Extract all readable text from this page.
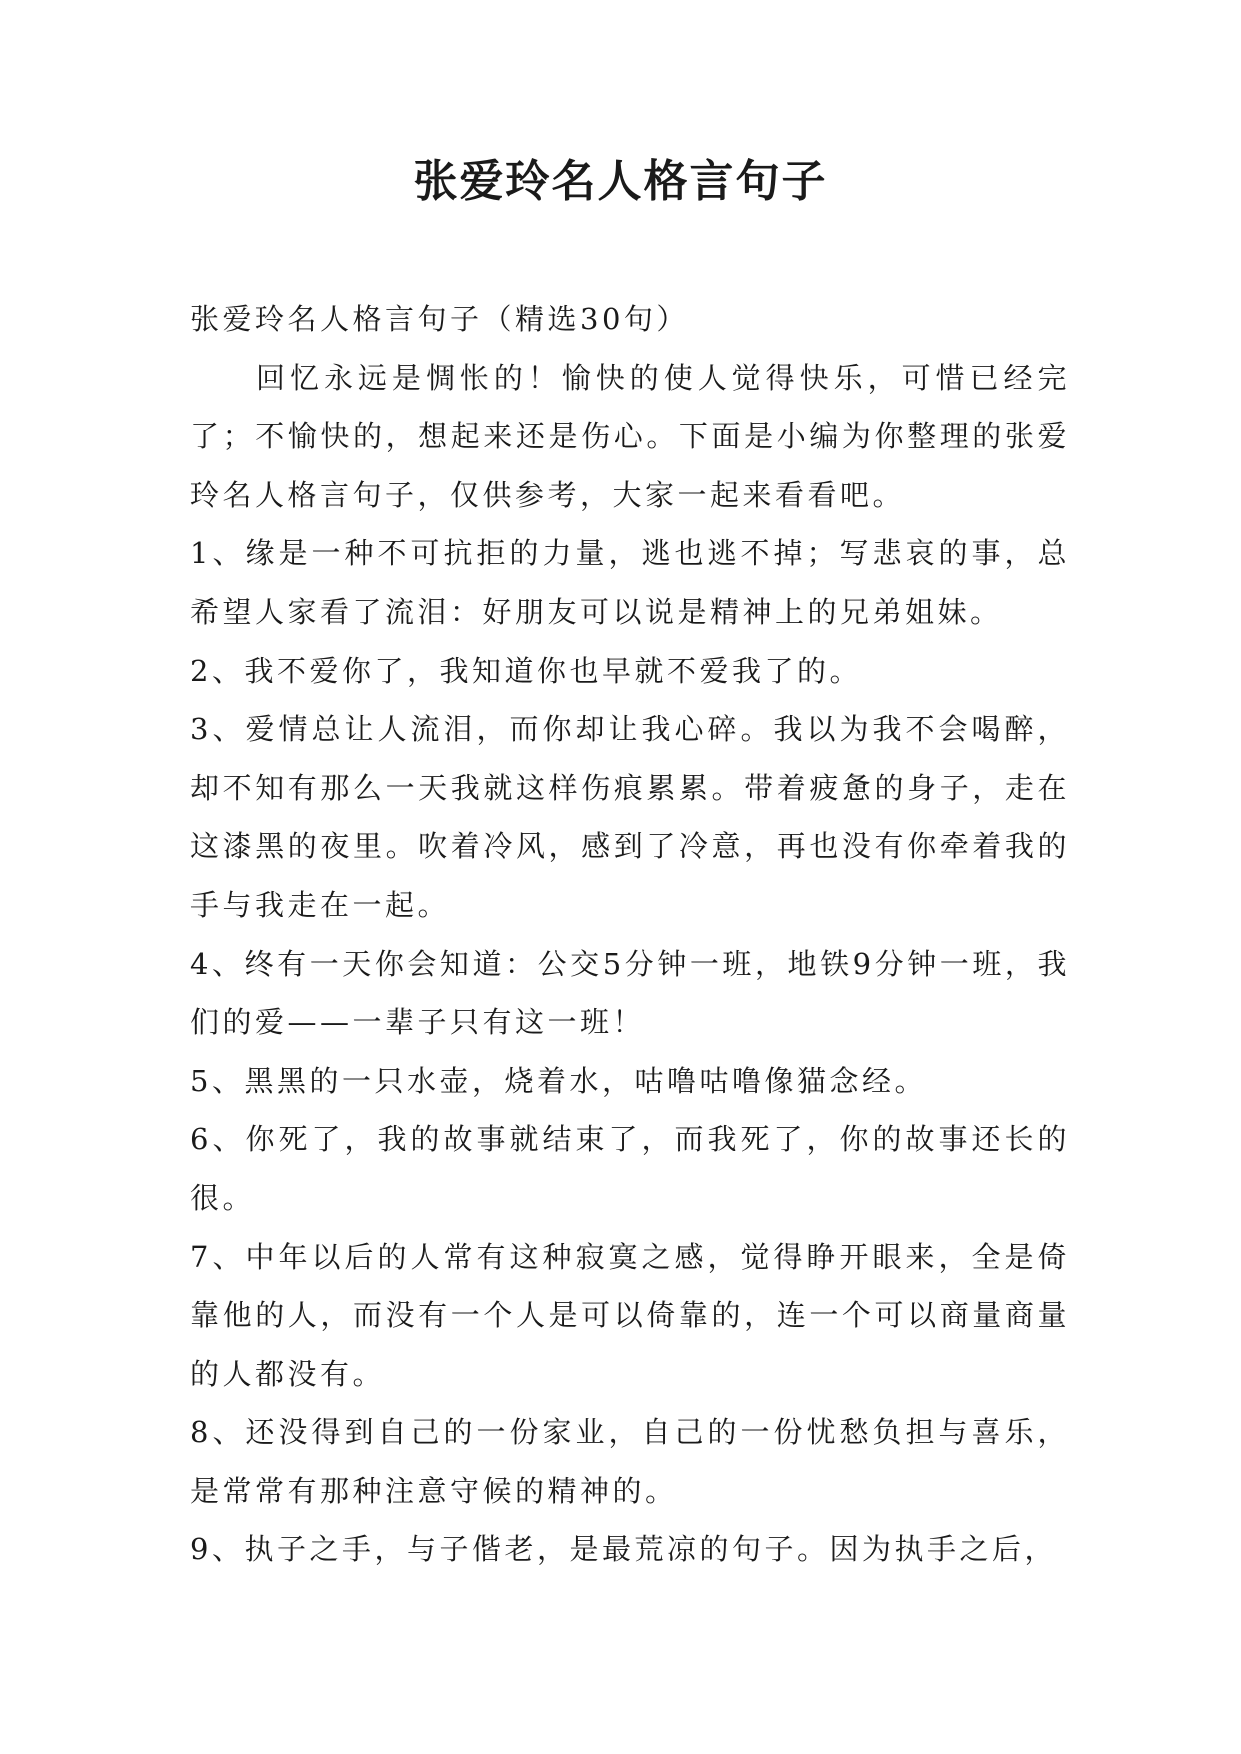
张爱玲名人格言句子

张爱玲名人格言句子（精选30句）

回忆永远是惆怅的！愉快的使人觉得快乐，可惜已经完了；不愉快的，想起来还是伤心。下面是小编为你整理的张爱玲名人格言句子，仅供参考，大家一起来看看吧。

1、缘是一种不可抗拒的力量，逃也逃不掉；写悲哀的事，总希望人家看了流泪：好朋友可以说是精神上的兄弟姐妹。

2、我不爱你了，我知道你也早就不爱我了的。

3、爱情总让人流泪，而你却让我心碎。我以为我不会喝醉，却不知有那么一天我就这样伤痕累累。带着疲惫的身子，走在这漆黑的夜里。吹着冷风，感到了冷意，再也没有你牵着我的手与我走在一起。

4、终有一天你会知道：公交5分钟一班，地铁9分钟一班，我们的爱——一辈子只有这一班！

5、黑黑的一只水壶，烧着水，咕噜咕噜像猫念经。

6、你死了，我的故事就结束了，而我死了，你的故事还长的很。

7、中年以后的人常有这种寂寞之感，觉得睁开眼来，全是倚靠他的人，而没有一个人是可以倚靠的，连一个可以商量商量的人都没有。

8、还没得到自己的一份家业，自己的一份忧愁负担与喜乐，是常常有那种注意守候的精神的。

9、执子之手，与子偕老，是最荒凉的句子。因为执手之后，
